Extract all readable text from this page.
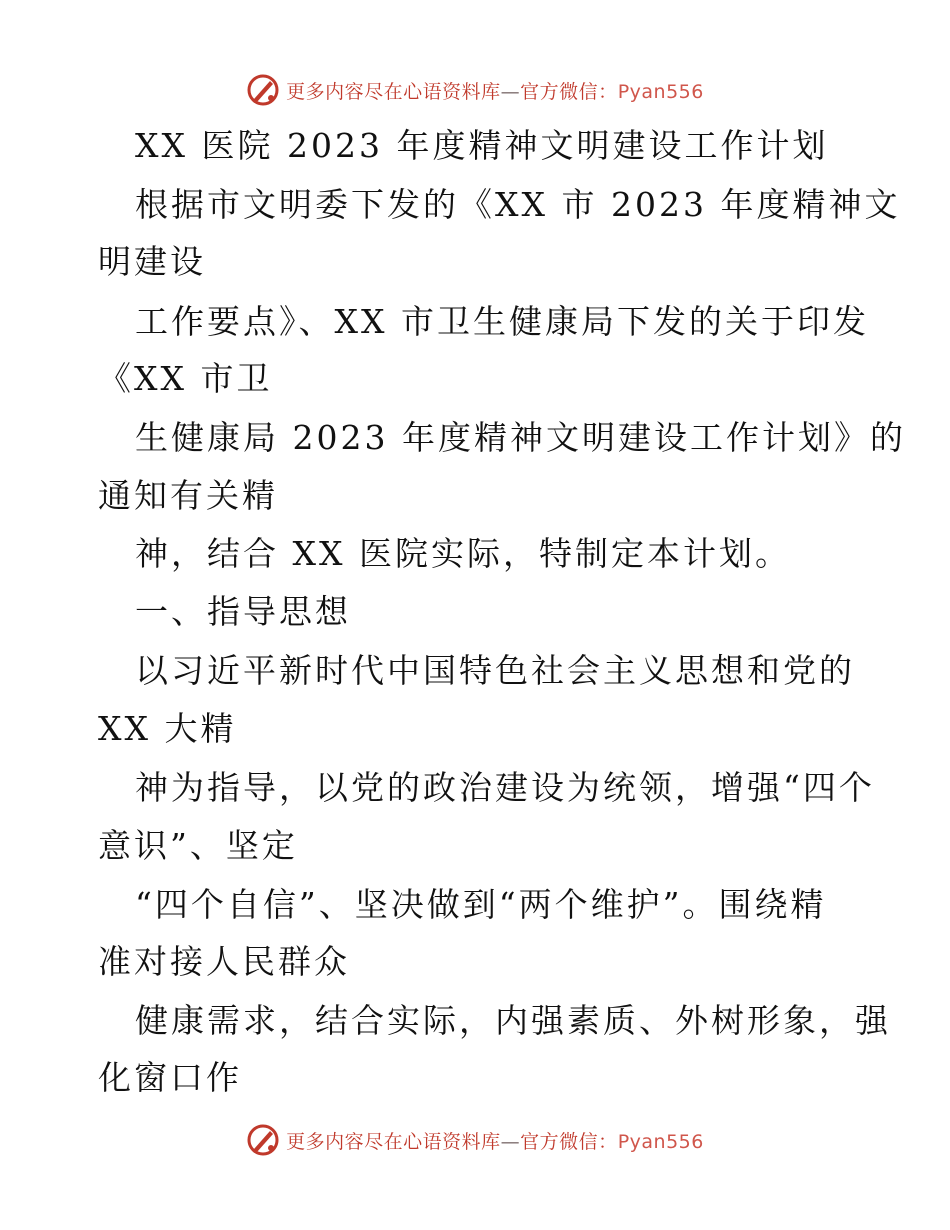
更多内容尽在心语资料库—官方微信：Pyan556
XX 医院 2023 年度精神文明建设工作计划
根据市文明委下发的《XX 市 2023 年度精神文
明建设
工作要点》、XX 市卫生健康局下发的关于印发
《XX 市卫
生健康局 2023 年度精神文明建设工作计划》的
通知有关精
神，结合 XX 医院实际，特制定本计划。
一、指导思想
以习近平新时代中国特色社会主义思想和党的
XX 大精
神为指导，以党的政治建设为统领，增强“四个
意识”、坚定
“四个自信”、坚决做到“两个维护”。围绕精
准对接人民群众
健康需求，结合实际，内强素质、外树形象，强
化窗口作
更多内容尽在心语资料库—官方微信：Pyan556
